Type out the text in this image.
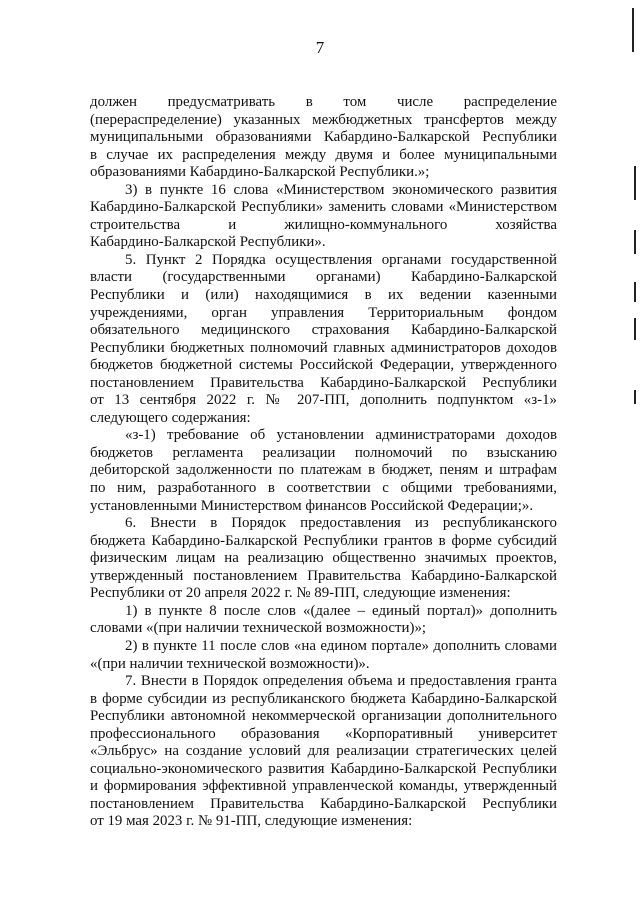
7

должен предусматривать в том числе распределение
(перераспределение) указанных межбюджетных трансфертов между
муниципальными образованиями Кабардино-Балкарской Республики
в случае их распределения между двумя и более муниципальными
образованиями Кабардино-Балкарской Республики.»;

3) в пункте 16 слова «Министерством экономического развития
Кабардино-Балкарской Республики» заменить словами «Министерством
строительства и жилищно-коммунального хозяйства
Кабардино-Балкарской Республики».

5. Пункт 2 Порядка осуществления органами государственной
власти (государственными органами) Кабардино-Балкарской
Республики и (или) находящимися в их ведении казенными
учреждениями, орган управления Территориальным фондом
обязательного медицинского страхования Кабардино-Балкарской
Республики бюджетных полномочий главных администраторов доходов
бюджетов бюджетной системы Российской Федерации, утвержденного
постановлением Правительства Кабардино-Балкарской Республики
от 13 сентября 2022 г. № 207-ПП, дополнить подпунктом «з-1»
следующего содержания:

«з-1) требование об установлении администраторами доходов
бюджетов регламента реализации полномочий по взысканию
дебиторской задолженности по платежам в бюджет, пеням и штрафам
по ним, разработанного в соответствии с общими требованиями,
установленными Министерством финансов Российской Федерации;».

6. Внести в Порядок предоставления из республиканского
бюджета Кабардино-Балкарской Республики грантов в форме субсидий
физическим лицам на реализацию общественно значимых проектов,
утвержденный постановлением Правительства Кабардино-Балкарской
Республики от 20 апреля 2022 г. № 89-ПП, следующие изменения:

1) в пункте 8 после слов «(далее – единый портал)» дополнить
словами «(при наличии технической возможности)»;

2) в пункте 11 после слов «на едином портале» дополнить словами
«(при наличии технической возможности)».

7. Внести в Порядок определения объема и предоставления гранта
в форме субсидии из республиканского бюджета Кабардино-Балкарской
Республики автономной некоммерческой организации дополнительного
профессионального образования «Корпоративный университет
«Эльбрус» на создание условий для реализации стратегических целей
социально-экономического развития Кабардино-Балкарской Республики
и формирования эффективной управленческой команды, утвержденный
постановлением Правительства Кабардино-Балкарской Республики
от 19 мая 2023 г. № 91-ПП, следующие изменения:
